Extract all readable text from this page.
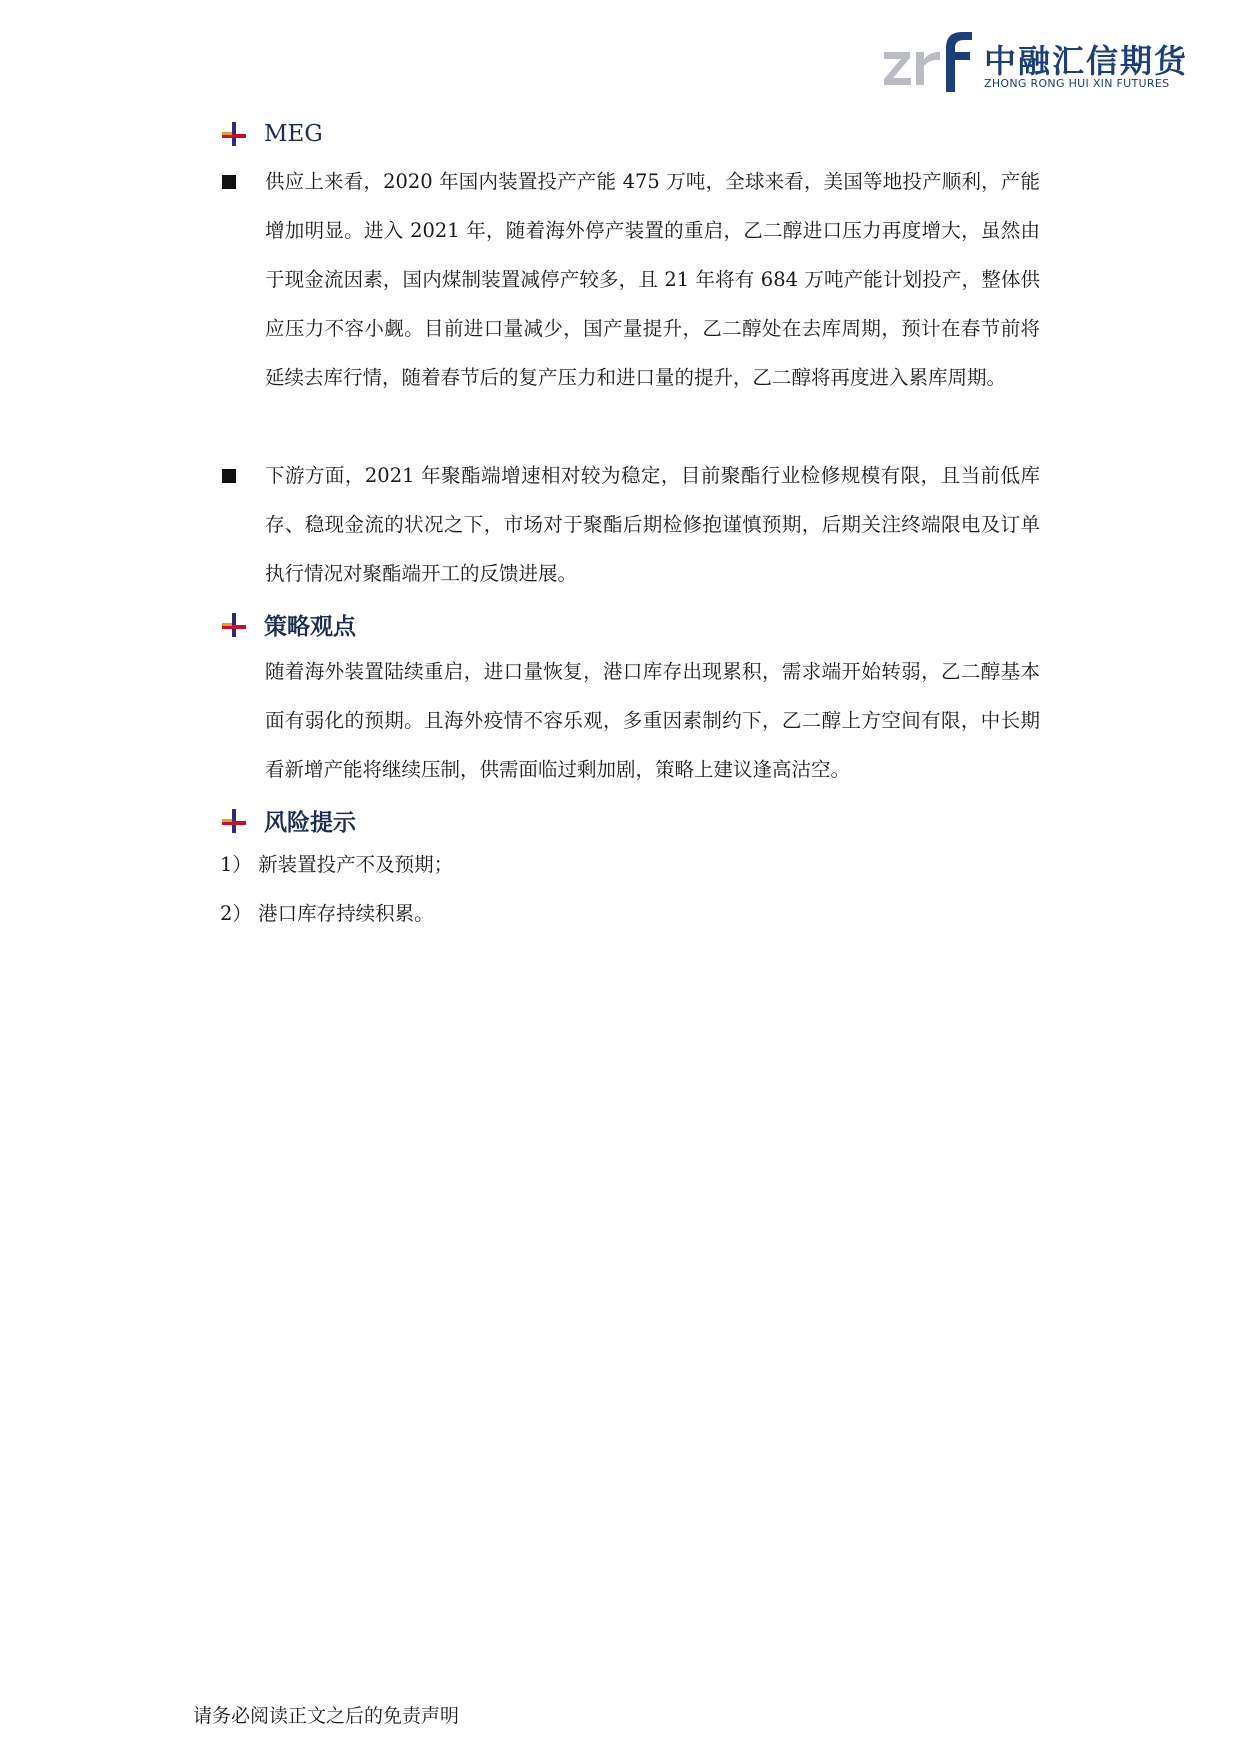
中融汇信期货
ZHONG RONG HUI XIN FUTURES
MEG
供应上来看，2020 年国内装置投产产能 475 万吨，全球来看，美国等地投产顺利，产能增加明显。进入 2021 年，随着海外停产装置的重启，乙二醇进口压力再度增大，虽然由于现金流因素，国内煤制装置减停产较多，且 21 年将有 684 万吨产能计划投产，整体供应压力不容小觑。目前进口量减少，国产量提升，乙二醇处在去库周期，预计在春节前将延续去库行情，随着春节后的复产压力和进口量的提升，乙二醇将再度进入累库周期。
下游方面，2021 年聚酯端增速相对较为稳定，目前聚酯行业检修规模有限，且当前低库存、稳现金流的状况之下，市场对于聚酯后期检修抱谨慎预期，后期关注终端限电及订单执行情况对聚酯端开工的反馈进展。
策略观点
随着海外装置陆续重启，进口量恢复，港口库存出现累积，需求端开始转弱，乙二醇基本面有弱化的预期。且海外疫情不容乐观，多重因素制约下，乙二醇上方空间有限，中长期看新增产能将继续压制，供需面临过剩加剧，策略上建议逢高沽空。
风险提示
1） 新装置投产不及预期；
2） 港口库存持续积累。
请务必阅读正文之后的免责声明
